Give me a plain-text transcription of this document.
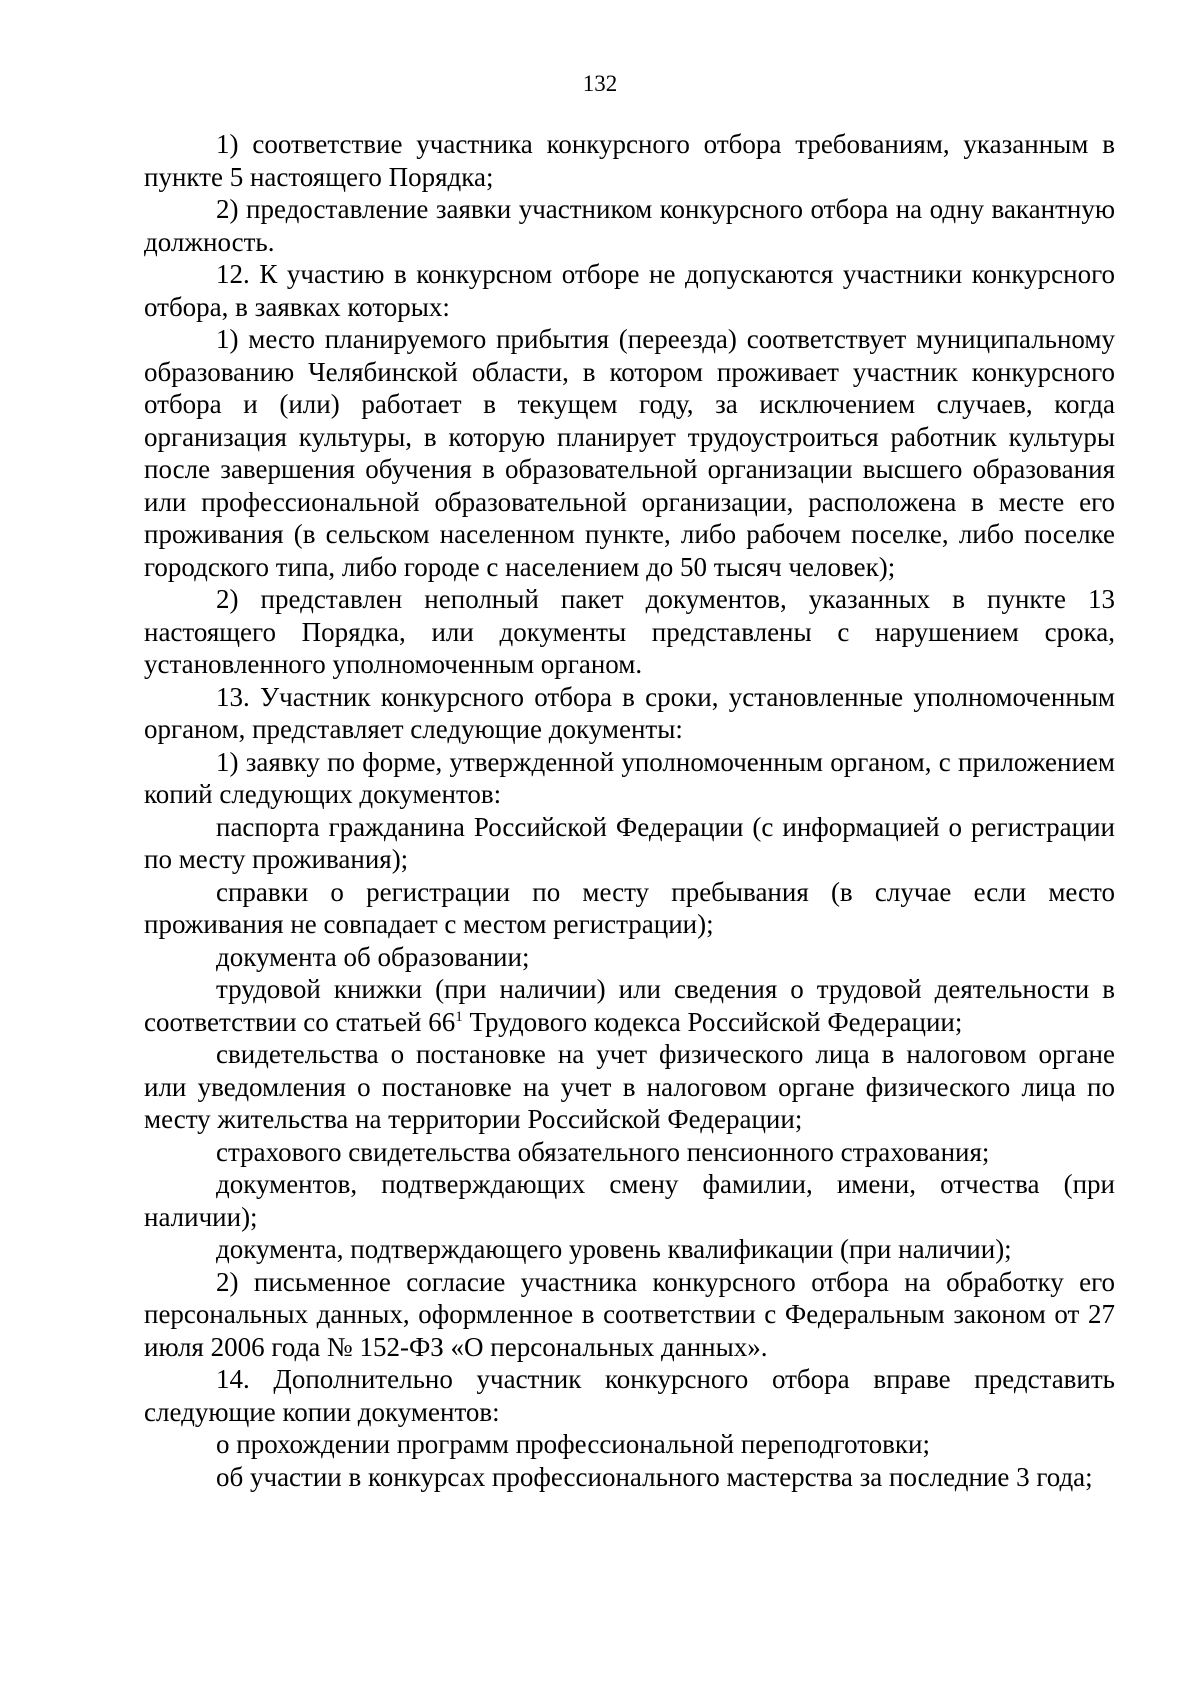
132

1) соответствие участника конкурсного отбора требованиям, указанным в пункте 5 настоящего Порядка;

2) предоставление заявки участником конкурсного отбора на одну вакантную должность.

12. К участию в конкурсном отборе не допускаются участники конкурсного отбора, в заявках которых:

1) место планируемого прибытия (переезда) соответствует муниципальному образованию Челябинской области, в котором проживает участник конкурсного отбора и (или) работает в текущем году, за исключением случаев, когда организация культуры, в которую планирует трудоустроиться работник культуры после завершения обучения в образовательной организации высшего образования или профессиональной образовательной организации, расположена в месте его проживания (в сельском населенном пункте, либо рабочем поселке, либо поселке городского типа, либо городе с населением до 50 тысяч человек);

2) представлен неполный пакет документов, указанных в пункте 13 настоящего Порядка, или документы представлены с нарушением срока, установленного уполномоченным органом.

13. Участник конкурсного отбора в сроки, установленные уполномоченным органом, представляет следующие документы:

1) заявку по форме, утвержденной уполномоченным органом, с приложением копий следующих документов:

паспорта гражданина Российской Федерации (с информацией о регистрации по месту проживания);

справки о регистрации по месту пребывания (в случае если место проживания не совпадает с местом регистрации);

документа об образовании;

трудовой книжки (при наличии) или сведения о трудовой деятельности в соответствии со статьей $66^1$ Трудового кодекса Российской Федерации;

свидетельства о постановке на учет физического лица в налоговом органе или уведомления о постановке на учет в налоговом органе физического лица по месту жительства на территории Российской Федерации;

страхового свидетельства обязательного пенсионного страхования;

документов, подтверждающих смену фамилии, имени, отчества (при наличии);

документа, подтверждающего уровень квалификации (при наличии);

2) письменное согласие участника конкурсного отбора на обработку его персональных данных, оформленное в соответствии с Федеральным законом от 27 июля 2006 года № 152-ФЗ «О персональных данных».

14. Дополнительно участник конкурсного отбора вправе представить следующие копии документов:

о прохождении программ профессиональной переподготовки;

об участии в конкурсах профессионального мастерства за последние 3 года;
